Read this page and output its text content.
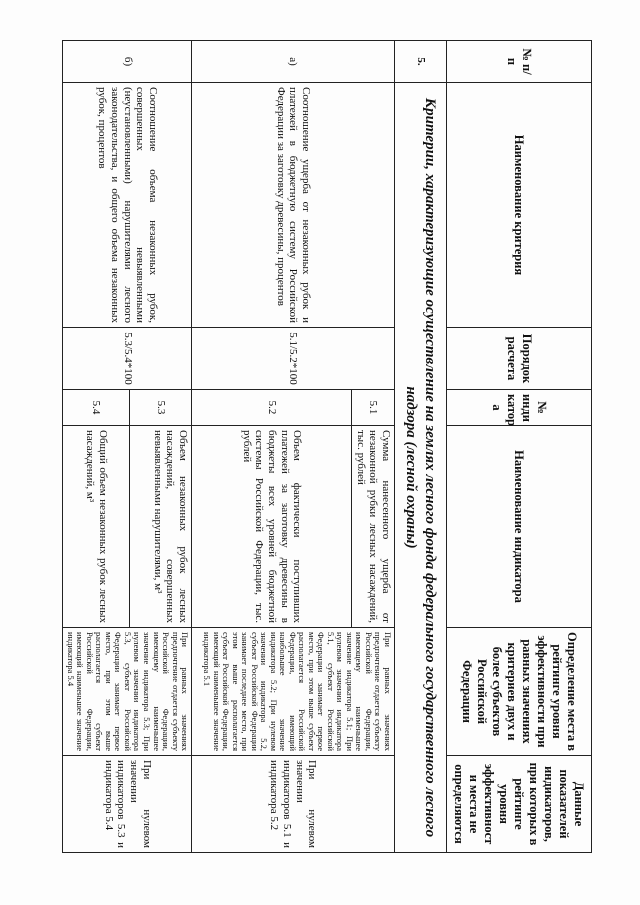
№ п/п	Наименование критерия	Порядок расчета	№ инди катор а	Наименование индикатора	Определение места в рейтинге уровня эффективности при равных значениях критериев двух и более субъектов Российской Федерации	Данные показателей индикаторов, при которых в рейтинге уровня эффективност и места не определяются
5.	Критерии, характеризующие осуществление на землях лесного фонда федерального государственного лесного надзора (лесной охраны)					
а)	Соотношение ущерба от незаконных рубок и платежей в бюджетную систему Российской Федерации за заготовку древесины, процентов	5.1/5.2*100	5.1	Сумма нанесенного ущерба от незаконной рубки лесных насаждений, тыс. рублей	При равных значениях предпочтение отдается субъекту Российской Федерации, имеющему наименьшее значение индикатора 5.1; При нулевом значении индикатора 5.1, субъект Российской Федерации занимает первое место, при этом выше субъект располагается Российской Федерации, имеющий наибольшее значение индикатора 5.2; При нулевом значении индикатора 5.2, субъект Российской Федерации занимает последнее место, при этом выше располагается субъект Российской Федерации, имеющий наименьшее значение индикатора 5.1	При нулевом значении индикаторов 5.1 и индикатора 5.2
			5.2	Объем фактически поступивших платежей за заготовку древесины в бюджеты всех уровней бюджетной системы Российской Федерации, тыс. рублей		
б)	Соотношение объема незаконных рубок, совершенных невыявленными (неустановленными) нарушителями лесного законодательства, и общего объема незаконных рубок, процентов	5.3/5.4*100	5.3	Объем незаконных рубок лесных насаждений, совершенных невыявленными нарушителями, м³	При равных значениях предпочтение отдается субъекту Российской Федерации, имеющему наименьшее значение индикатора 5.3; При нулевом значении индикатора 5.3, субъект Российской Федерации занимает первое место, при этом выше располагается субъект Российской Федерации, имеющий наименьшее значение индикатора 5.4	При нулевом значении индикаторов 5.3 и индикатора 5.4
			5.4	Общий объем незаконных рубок лесных насаждений, м³		
